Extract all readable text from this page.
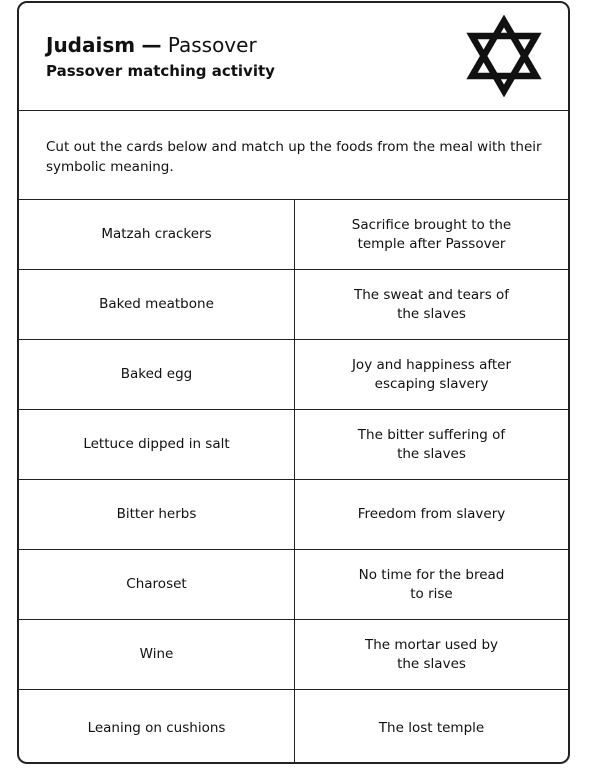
Judaism — Passover
Passover matching activity
Cut out the cards below and match up the foods from the meal with their symbolic meaning.
Matzah crackers
Sacrifice brought to the
temple after Passover
Baked meatbone
The sweat and tears of
the slaves
Baked egg
Joy and happiness after
escaping slavery
Lettuce dipped in salt
The bitter suffering of
the slaves
Bitter herbs	Freedom from slavery
Charoset
No time for the bread
to rise
Wine
The mortar used by
the slaves
Leaning on cushions	The lost temple
